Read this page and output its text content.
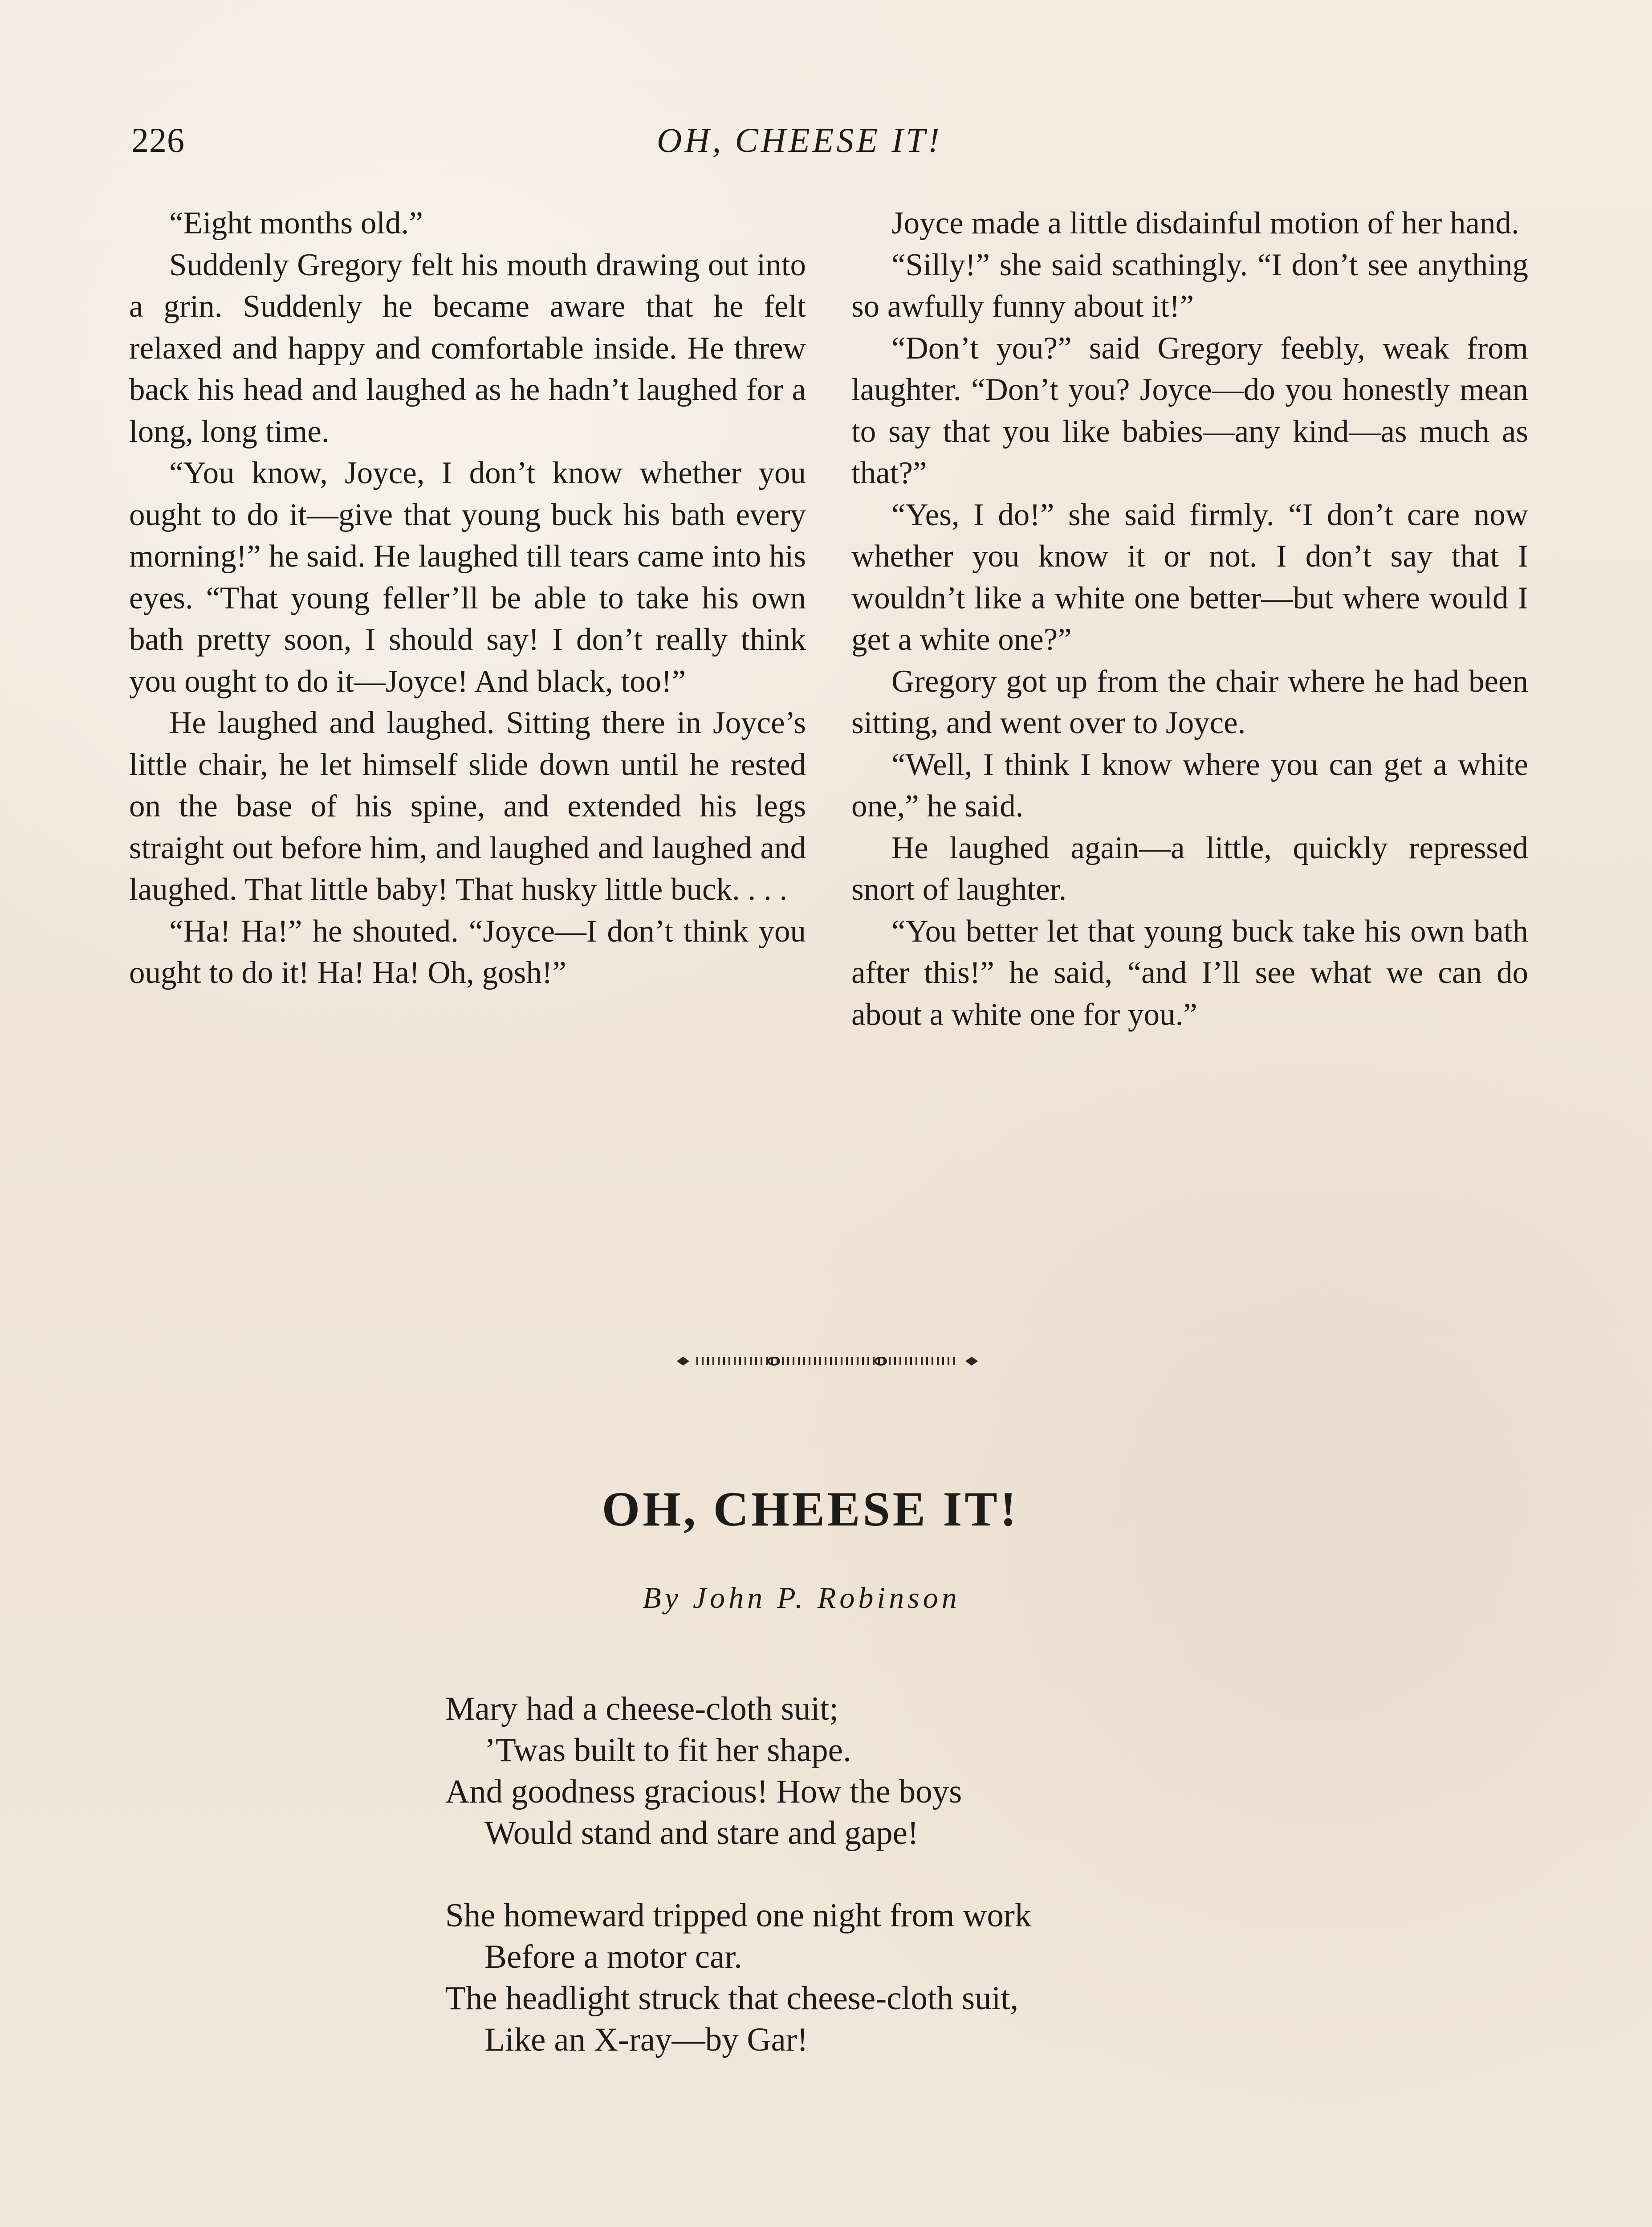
226	OH, CHEESE IT!

“Eight months old.”

Suddenly Gregory felt his mouth drawing out into a grin. Suddenly he became aware that he felt relaxed and happy and comfortable inside. He threw back his head and laughed as he hadn’t laughed for a long, long time.

“You know, Joyce, I don’t know whether you ought to do it—give that young buck his bath every morning!” he said. He laughed till tears came into his eyes. “That young feller’ll be able to take his own bath pretty soon, I should say! I don’t really think you ought to do it—Joyce! And black, too!”

He laughed and laughed. Sitting there in Joyce’s little chair, he let himself slide down until he rested on the base of his spine, and extended his legs straight out before him, and laughed and laughed and laughed. That little baby! That husky little buck. . . .

“Ha! Ha!” he shouted. “Joyce—I don’t think you ought to do it! Ha! Ha! Oh, gosh!”

Joyce made a little disdainful motion of her hand.

“Silly!” she said scathingly. “I don’t see anything so awfully funny about it!”

“Don’t you?” said Gregory feebly, weak from laughter. “Don’t you? Joyce—do you honestly mean to say that you like babies—any kind—as much as that?”

“Yes, I do!” she said firmly. “I don’t care now whether you know it or not. I don’t say that I wouldn’t like a white one better—but where would I get a white one?”

Gregory got up from the chair where he had been sitting, and went over to Joyce.

“Well, I think I know where you can get a white one,” he said.

He laughed again—a little, quickly repressed snort of laughter.

“You better let that young buck take his own bath after this!” he said, “and I’ll see what we can do about a white one for you.”

OH, CHEESE IT!
By John P. Robinson
Mary had a cheese-cloth suit;
’Twas built to fit her shape.
And goodness gracious! How the boys
Would stand and stare and gape!
She homeward tripped one night from work
Before a motor car.
The headlight struck that cheese-cloth suit,
Like an X-ray—by Gar!
